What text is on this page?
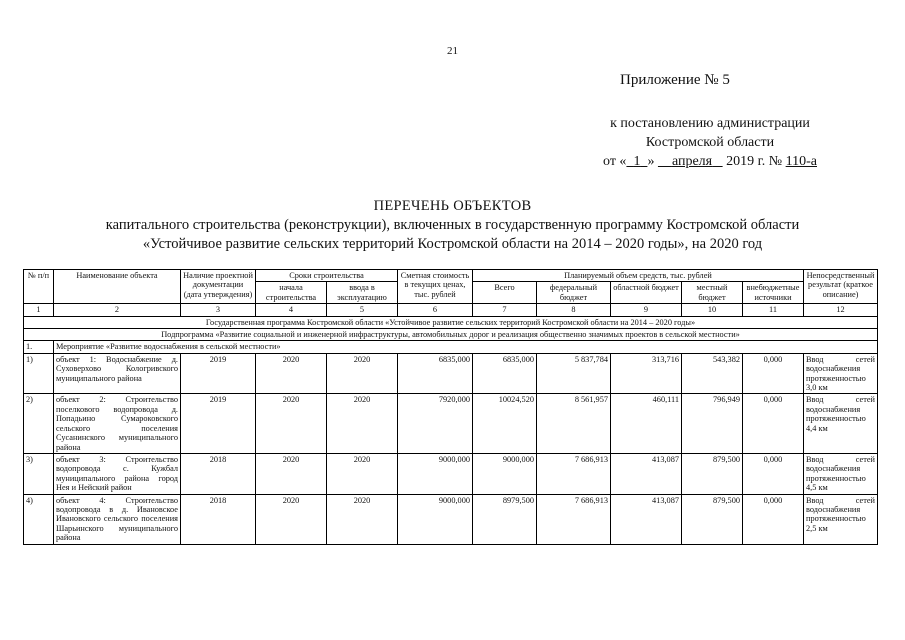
21
Приложение № 5
к постановлению администрации
Костромской области
от « 1 » апреля 2019 г. № 110-а
ПЕРЕЧЕНЬ ОБЪЕКТОВ
капитального строительства (реконструкции), включенных в государственную программу Костромской области
«Устойчивое развитие сельских территорий Костромской области на 2014 – 2020 годы», на 2020 год
№ п/п	Наименование объекта	Наличие проектной документации (дата утверждения)	Сроки строительства		Сметная стоимость в текущих ценах, тыс. рублей	Планируемый объем средств, тыс. рублей					Непосредственный результат (краткое описание)
			начала строительства	ввода в эксплуатацию		Всего	федеральный бюджет	областной бюджет	местный бюджет	внебюджетные источники	
1	2	3	4	5	6	7	8	9	10	11	12
Государственная программа Костромской области «Устойчивое развитие сельских территорий Костромской области на 2014 – 2020 годы»											
Подпрограмма «Развитие социальной и инженерной инфраструктуры, автомобильных дорог и реализация общественно значимых проектов в сельской местности»											
1.	Мероприятие «Развитие водоснабжения в сельской местности»										
1)	объект 1: Водоснабжение д. Суховерхово Кологривского муниципального района	2019	2020	2020	6835,000	6835,000	5 837,784	313,716	543,382	0,000	Ввод сетей водоснабжения протяженностью 3,0 км
2)	объект 2: Строительство поселкового водопровода д. Попадьино Сумароковского сельского поселения Сусанинского муниципального района	2019	2020	2020	7920,000	10024,520	8 561,957	460,111	796,949	0,000	Ввод сетей водоснабжения протяженностью 4,4 км
3)	объект 3: Строительство водопровода с. Кужбал муниципального района город Нея и Нейский район	2018	2020	2020	9000,000	9000,000	7 686,913	413,087	879,500	0,000	Ввод сетей водоснабжения протяженностью 4,5 км
4)	объект 4: Строительство водопровода в д. Ивановское Ивановского сельского поселения Шарьинского муниципального района	2018	2020	2020	9000,000	8979,500	7 686,913	413,087	879,500	0,000	Ввод сетей водоснабжения протяженностью 2,5 км
